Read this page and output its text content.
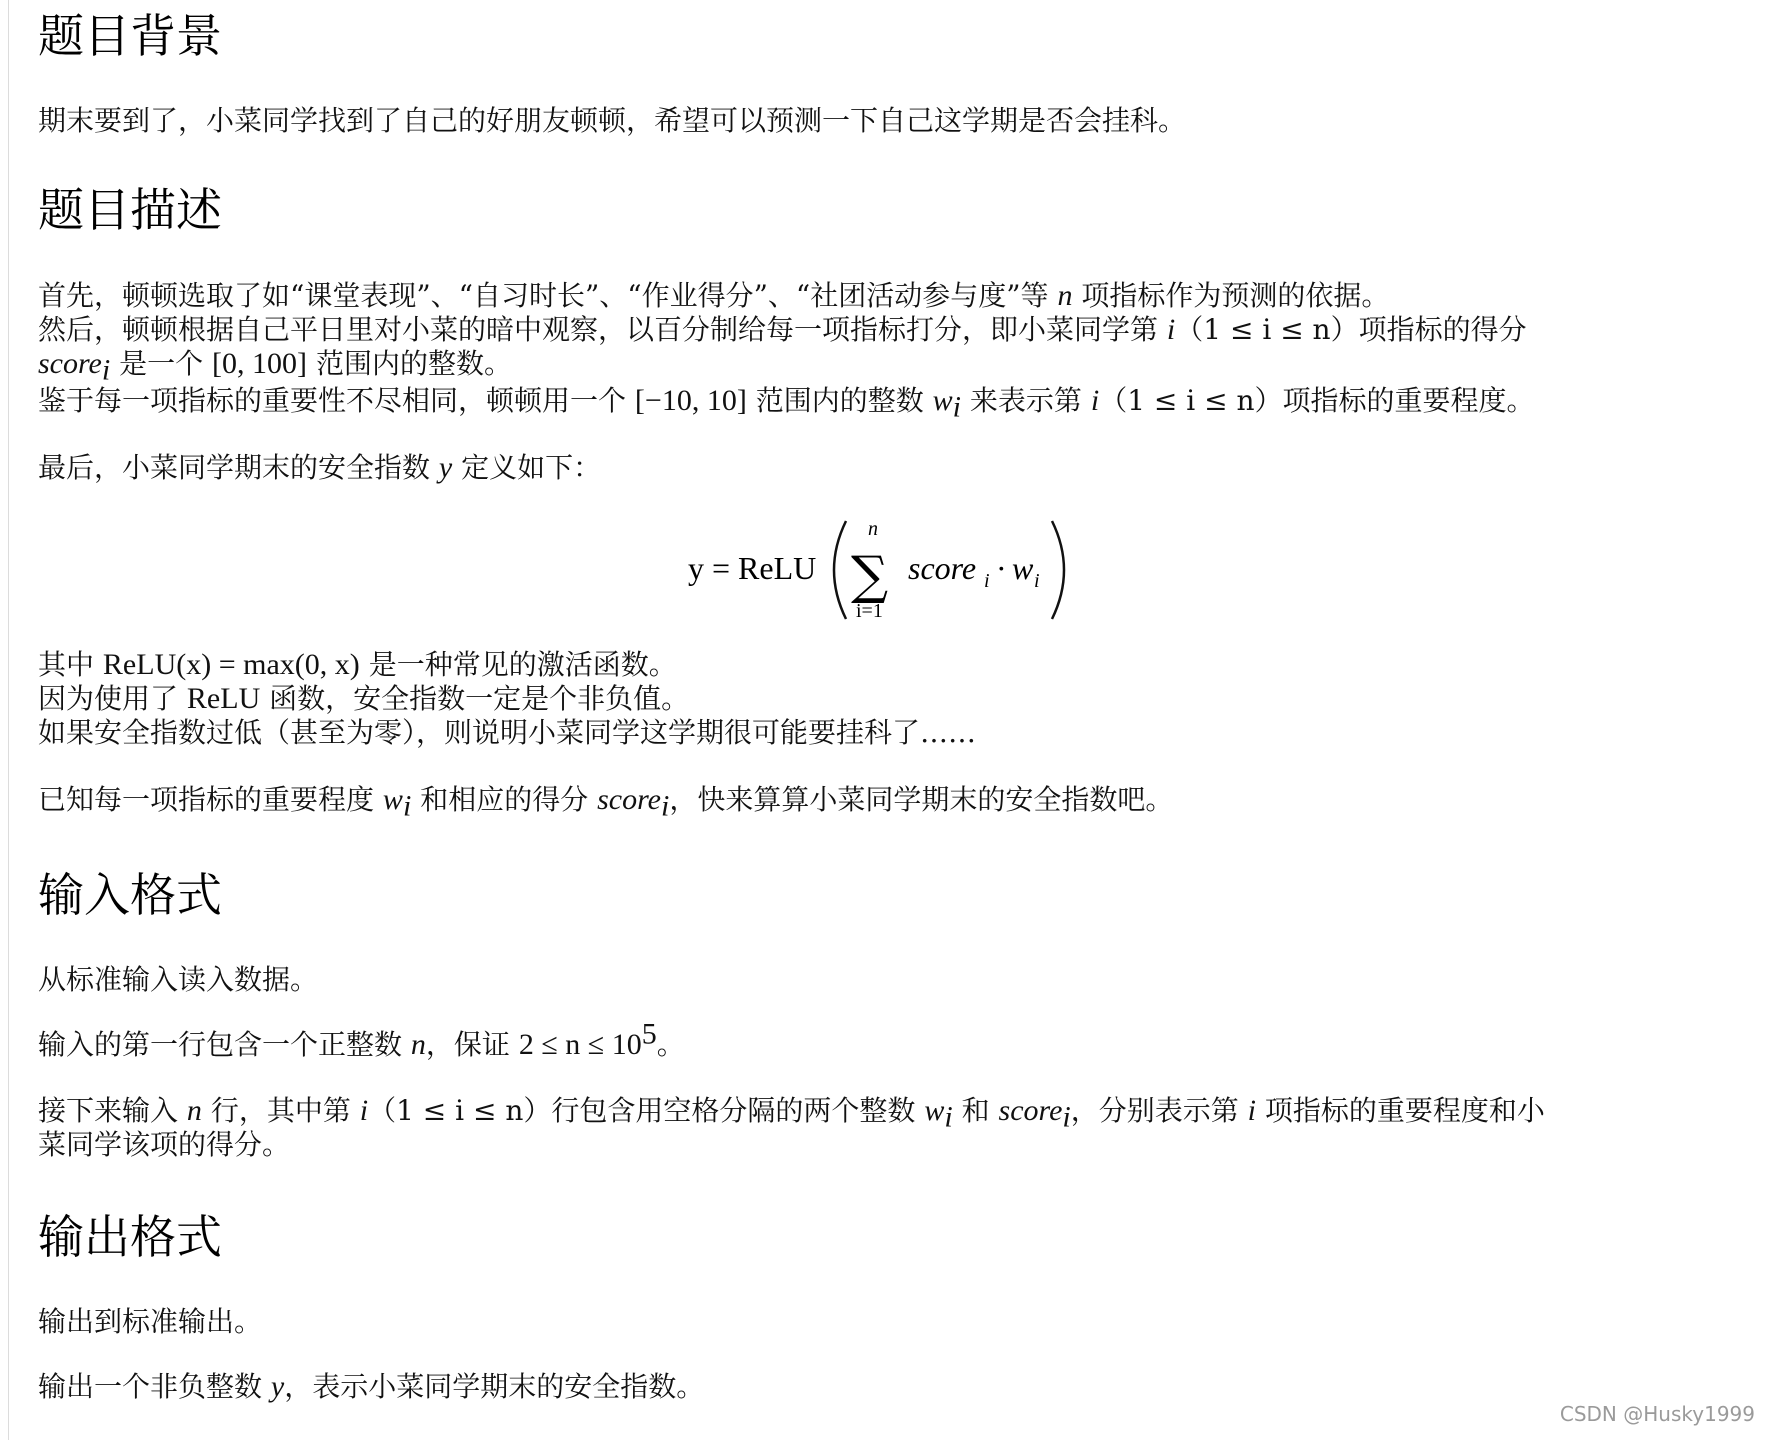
题目背景
期末要到了，小菜同学找到了自己的好朋友顿顿，希望可以预测一下自己这学期是否会挂科。
题目描述
首先，顿顿选取了如“课堂表现”、“自习时长”、“作业得分”、“社团活动参与度”等 n 项指标作为预测的依据。
然后，顿顿根据自己平日里对小菜的暗中观察，以百分制给每一项指标打分，即小菜同学第 i（1 ≤ i ≤ n）项指标的得分
score$_i$ 是一个 [0, 100] 范围内的整数。
鉴于每一项指标的重要性不尽相同，顿顿用一个 [−10, 10] 范围内的整数 $w_i$ 来表示第 i（1 ≤ i ≤ n）项指标的重要程度。
最后，小菜同学期末的安全指数 y 定义如下：
y = ReLU
n
∑
i=1
score i · w i
其中 ReLU(x) = max(0, x) 是一种常见的激活函数。
因为使用了 ReLU 函数，安全指数一定是个非负值。
如果安全指数过低（甚至为零），则说明小菜同学这学期很可能要挂科了……
已知每一项指标的重要程度 $w_i$ 和相应的得分 score$_i$，快来算算小菜同学期末的安全指数吧。
输入格式
从标准输入读入数据。
输入的第一行包含一个正整数 n，保证 $2 \le n \le 10^5$。
接下来输入 n 行，其中第 i（1 ≤ i ≤ n）行包含用空格分隔的两个整数 $w_i$ 和 score$_i$，分别表示第 i 项指标的重要程度和小
菜同学该项的得分。
输出格式
输出到标准输出。
输出一个非负整数 y，表示小菜同学期末的安全指数。
CSDN @Husky1999
